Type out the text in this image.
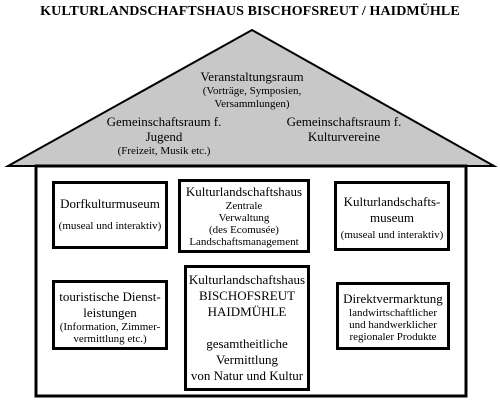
KULTURLANDSCHAFTSHAUS BISCHOFSREUT / HAIDMÜHLE
Veranstaltungsraum
(Vorträge, Symposien,
Versammlungen)
Gemeinschaftsraum f.
Jugend
(Freizeit, Musik etc.)
Gemeinschaftsraum f.
Kulturvereine
Dorfkulturmuseum
(museal und interaktiv)
Kulturlandschaftshaus
Zentrale
Verwaltung
(des Ecomusée)
Landschaftsmanagement
Kulturlandschafts-
museum
(museal und interaktiv)
touristische Dienst-
leistungen
(Information, Zimmer-
vermittlung etc.)
Kulturlandschaftshaus
BISCHOFSREUT
HAIDMÜHLE
gesamtheitliche
Vermittlung
von Natur und Kultur
Direktvermarktung
landwirtschaftlicher
und handwerklicher
regionaler Produkte
